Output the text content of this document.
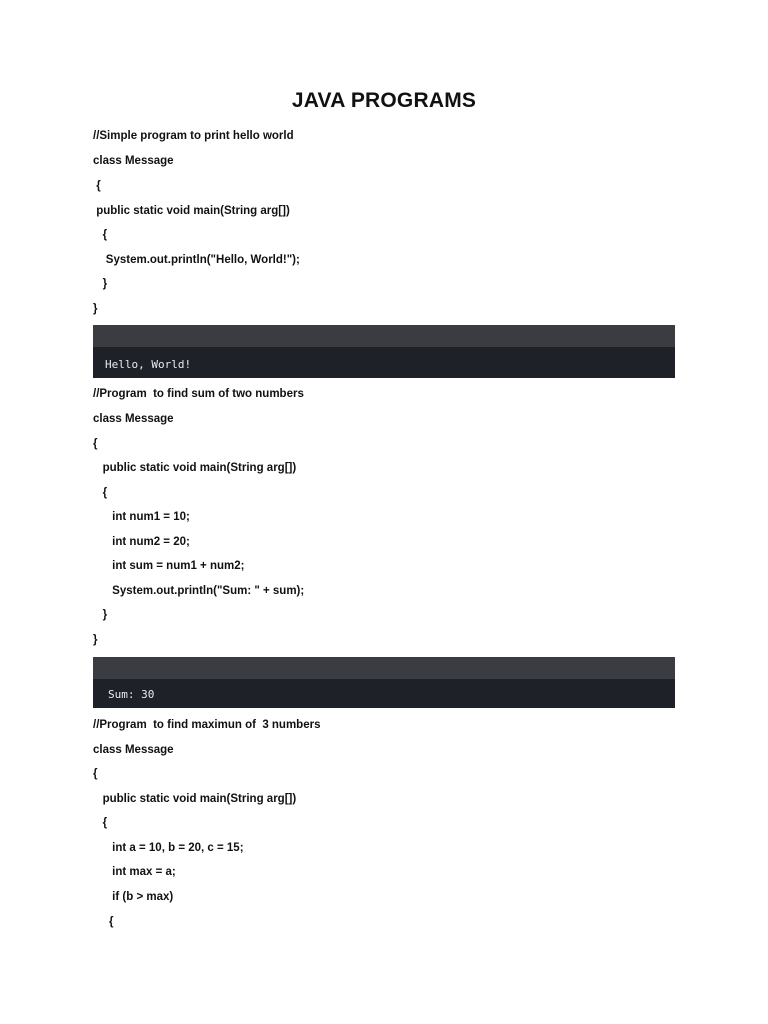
JAVA PROGRAMS
//Simple program to print hello world
class Message
{
public static void main(String arg[])
{
System.out.println("Hello, World!");
}
}
Hello, World!
//Program  to find sum of two numbers
class Message
{
public static void main(String arg[])
{
int num1 = 10;
int num2 = 20;
int sum = num1 + num2;
System.out.println("Sum: " + sum);
}
}
Sum: 30
//Program  to find maximun of  3 numbers
class Message
{
public static void main(String arg[])
{
int a = 10, b = 20, c = 15;
int max = a;
if (b > max)
{
